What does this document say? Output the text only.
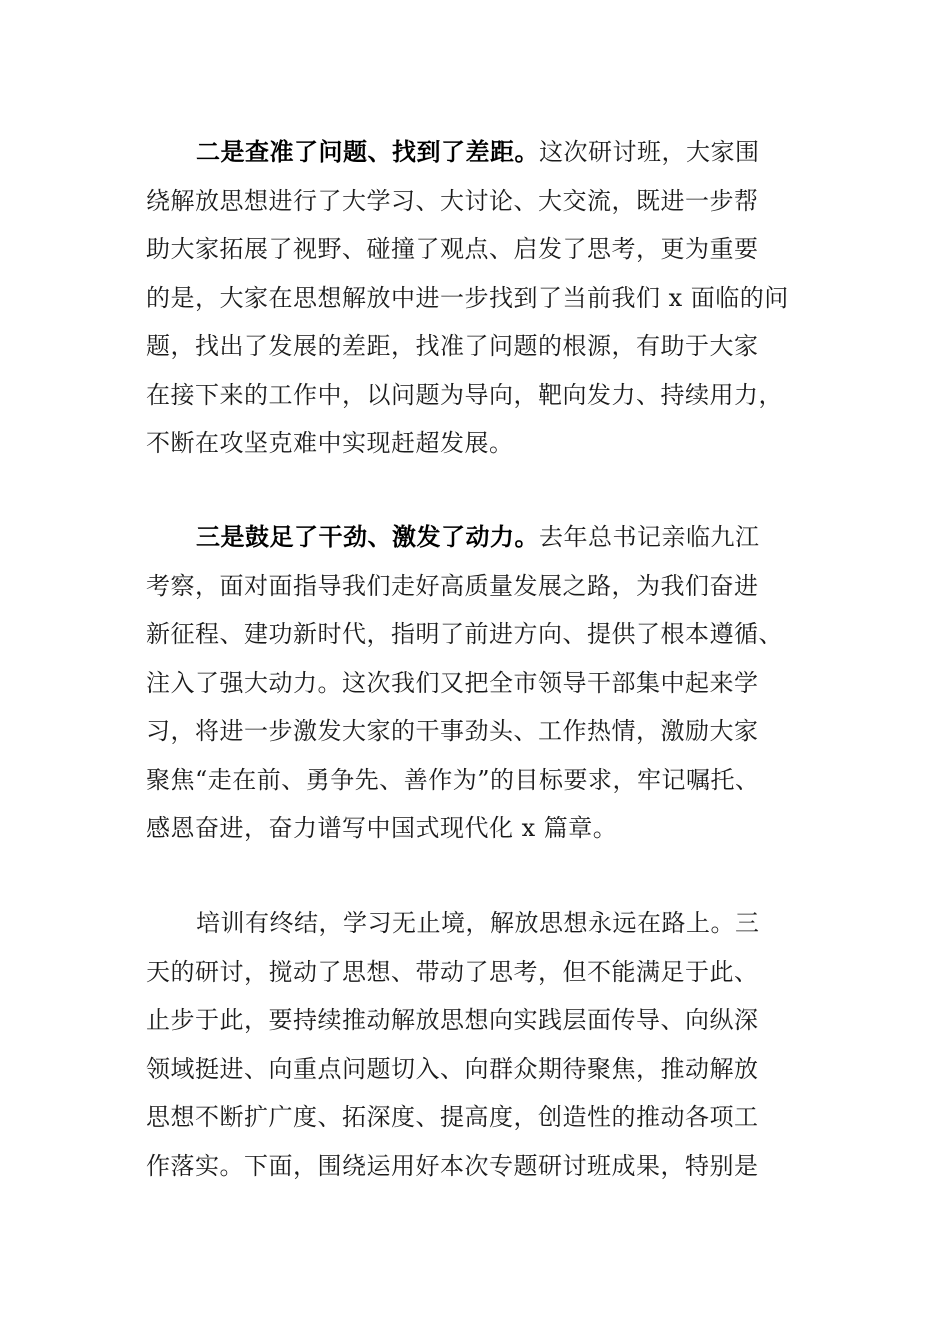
二是查准了问题、找到了差距。这次研讨班，大家围
绕解放思想进行了大学习、大讨论、大交流，既进一步帮
助大家拓展了视野、碰撞了观点、启发了思考，更为重要
的是，大家在思想解放中进一步找到了当前我们 x 面临的问
题，找出了发展的差距，找准了问题的根源，有助于大家
在接下来的工作中，以问题为导向，靶向发力、持续用力，
不断在攻坚克难中实现赶超发展。
三是鼓足了干劲、激发了动力。去年总书记亲临九江
考察，面对面指导我们走好高质量发展之路，为我们奋进
新征程、建功新时代，指明了前进方向、提供了根本遵循、
注入了强大动力。这次我们又把全市领导干部集中起来学
习，将进一步激发大家的干事劲头、工作热情，激励大家
聚焦“走在前、勇争先、善作为”的目标要求，牢记嘱托、
感恩奋进，奋力谱写中国式现代化 x 篇章。
培训有终结，学习无止境，解放思想永远在路上。三
天的研讨，搅动了思想、带动了思考，但不能满足于此、
止步于此，要持续推动解放思想向实践层面传导、向纵深
领域挺进、向重点问题切入、向群众期待聚焦，推动解放
思想不断扩广度、拓深度、提高度，创造性的推动各项工
作落实。下面，围绕运用好本次专题研讨班成果，特别是
